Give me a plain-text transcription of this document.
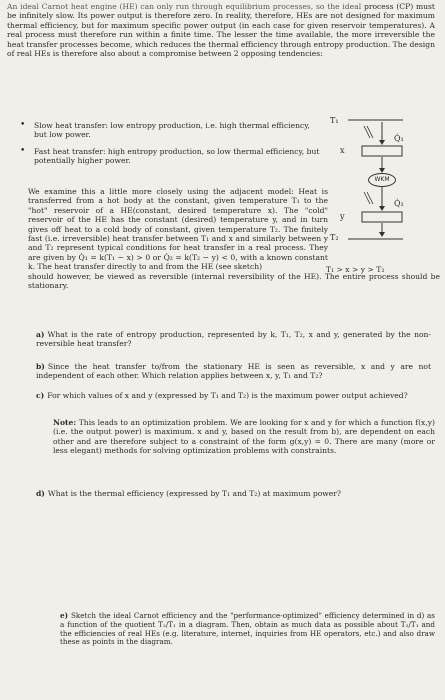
An ideal Carnot heat engine (HE) can only run through equilibrium processes, so the ideal process (CP) must be infinitely slow. Its power output is therefore zero. In reality, therefore, HEs are not designed for maximum thermal efficiency, but for maximum specific power output (in each case for given reservoir temperatures). A real process must therefore run within a finite time. The lesser the time available, the more irreversible the heat transfer processes become, which reduces the thermal efficiency through entropy production. The design of real HEs is therefore also about a compromise between 2 opposing tendencies:

• Slow heat transfer: low entropy production, i.e. high thermal efficiency, but low power.
• Fast heat transfer: high entropy production, so low thermal efficiency, but potentially higher power.

We examine this a little more closely using the adjacent model: Heat is transferred from a hot body at the constant, given temperature T₁ to the "hot" reservoir of a HE(constant, desired temperature x). The "cold" reservoir of the HE has the constant (desired) temperature y, and in turn gives off heat to a cold body of constant, given temperature T₂. The finitely fast (i.e. irreversible) heat transfer between T₁ and x and similarly between y and T₂ represent typical conditions for heat transfer in a real process. They are given by Q̇₁ = k(T₁ − x) > 0 or Q̇₂ = k(T₂ − y) < 0, with a known constant k. The heat transfer directly to and from the HE (see sketch)

should however, be viewed as reversible (internal reversibility of the HE). The entire process should be stationary.

T₁
x
y
T₂
Q̇₁
Q̇₂
WKM
T₁ > x > y > T₂

a) What is the rate of entropy production, represented by k, T₁, T₂, x and y, generated by the non-reversible heat transfer?

b) Since the heat transfer to/from the stationary HE is seen as reversible, x and y are not independent of each other. Which relation applies between x, y, T₁ and T₂?

c) For which values of x and y (expressed by T₁ and T₂) is the maximum power output achieved?

Note: This leads to an optimization problem. We are looking for x and y for which a function f(x,y) (i.e. the output power) is maximum. x and y, based on the result from b), are dependent on each other and are therefore subject to a constraint of the form g(x,y) = 0. There are many (more or less elegant) methods for solving optimization problems with constraints.

d) What is the thermal efficiency (expressed by T₁ and T₂) at maximum power?

e) Sketch the ideal Carnot efficiency and the "performance-optimized" efficiency determined in d) as a function of the quotient T₂/T₁ in a diagram. Then, obtain as much data as possible about T₂/T₁ and the efficiencies of real HEs (e.g. literature, internet, inquiries from HE operators, etc.) and also draw these as points in the diagram.
